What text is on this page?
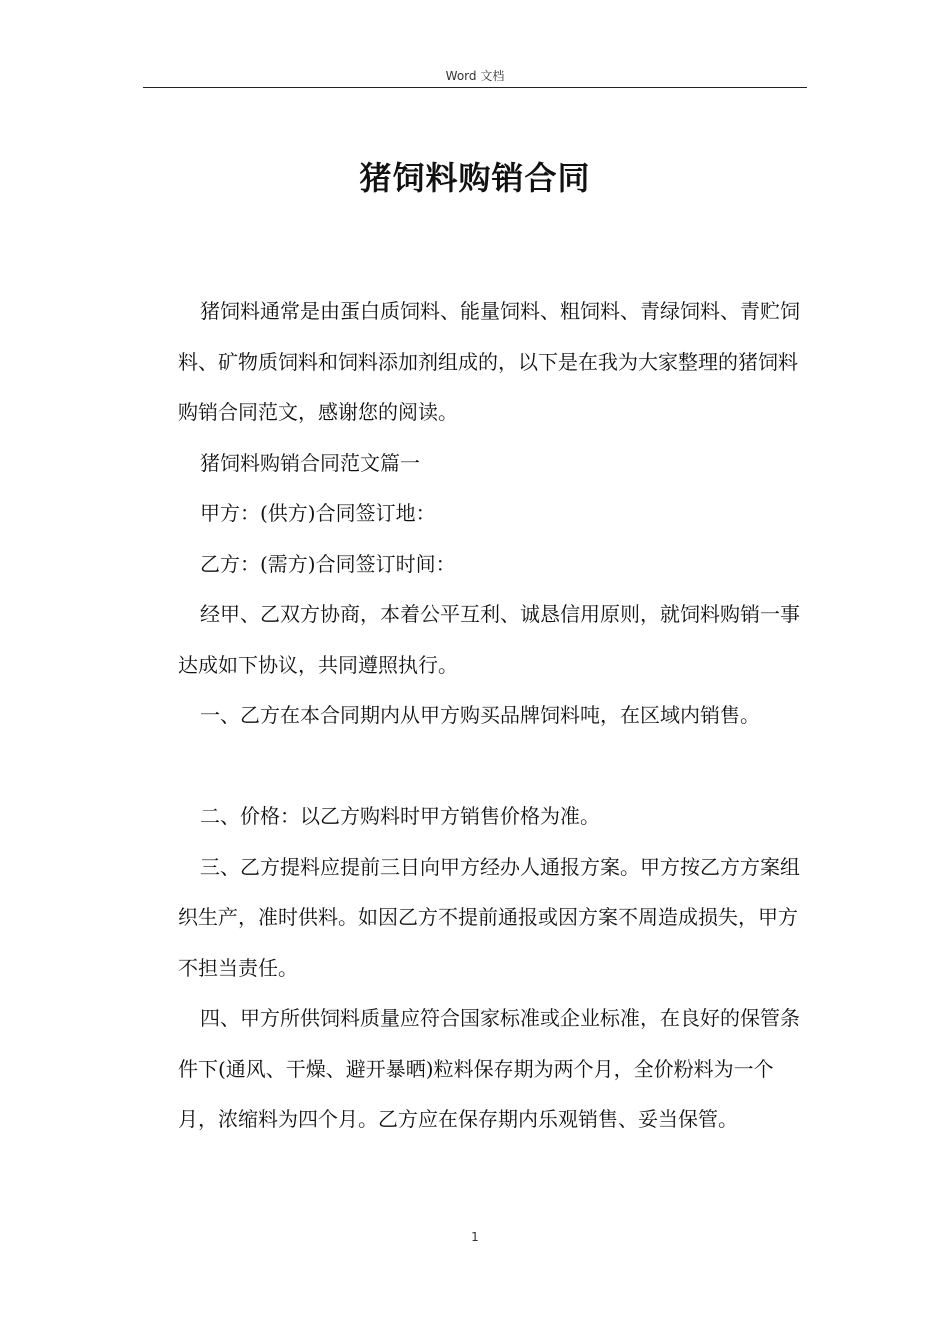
Word 文档
猪饲料购销合同

猪饲料通常是由蛋白质饲料、能量饲料、粗饲料、青绿饲料、青贮饲料、矿物质饲料和饲料添加剂组成的，以下是在我为大家整理的猪饲料购销合同范文，感谢您的阅读。

猪饲料购销合同范文篇一

甲方：(供方)合同签订地：

乙方：(需方)合同签订时间：

经甲、乙双方协商，本着公平互利、诚恳信用原则，就饲料购销一事达成如下协议，共同遵照执行。

一、乙方在本合同期内从甲方购买品牌饲料吨，在区域内销售。

二、价格：以乙方购料时甲方销售价格为准。

三、乙方提料应提前三日向甲方经办人通报方案。甲方按乙方方案组织生产，准时供料。如因乙方不提前通报或因方案不周造成损失，甲方不担当责任。

四、甲方所供饲料质量应符合国家标准或企业标准，在良好的保管条件下(通风、干燥、避开暴晒)粒料保存期为两个月，全价粉料为一个月，浓缩料为四个月。乙方应在保存期内乐观销售、妥当保管。

1
